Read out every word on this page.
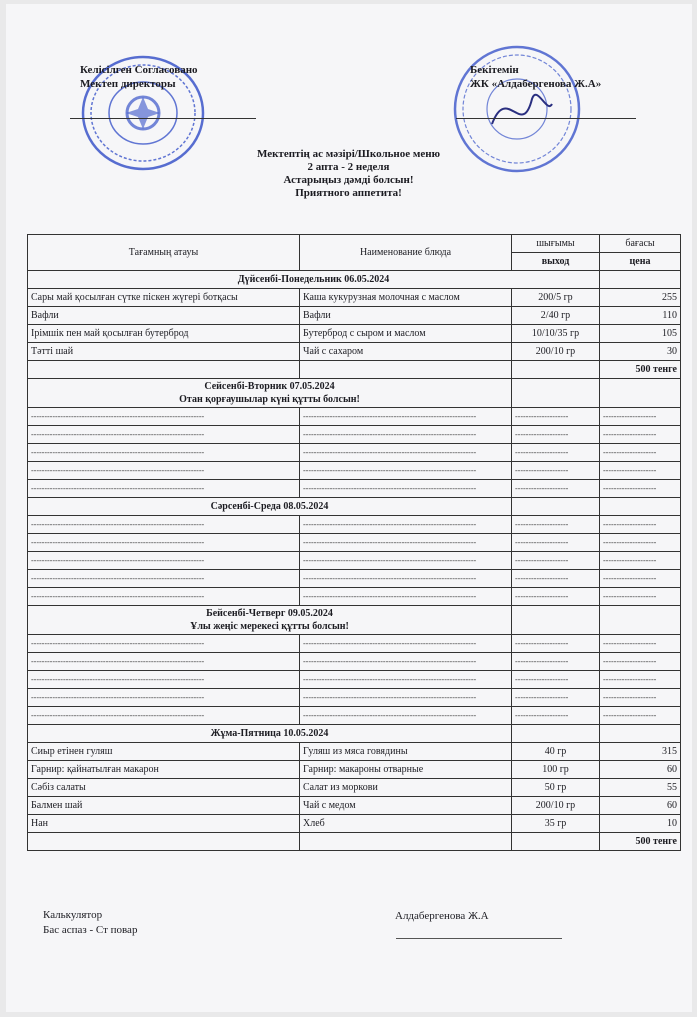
Келісілген Согласовано
Мектеп директоры
Бекітемін
ЖК «Алдабергенова Ж.А»
Мектептің ас мәзірі/Школьное меню
2 апта - 2 неделя
Астарыңыз дәмді болсын!
Приятного аппетита!
Тағамның атауы	Наименование блюда	шығымы	бағасы
		выход	цена
Дүйсенбі-Понедельник 06.05.2024			
Сары май қосылған сүтке піскен жүгері ботқасы	Каша кукурузная молочная с маслом	200/5 гр	255
Вафли	Вафли	2/40 гр	110
Ірімшік пен май қосылған бутерброд	Бутерброд с сыром и маслом	10/10/35 гр	105
Тәтті шай	Чай с сахаром	200/10 гр	30
			500 тенге

Сейсенбі-Вторник 07.05.2024
Отан қорғаушылар күні құтты болсын!			

-----------------------------------------------------------------	-----------------------------------------------------------------	--------------------	--------------------
-----------------------------------------------------------------	-----------------------------------------------------------------	--------------------	--------------------
-----------------------------------------------------------------	-----------------------------------------------------------------	--------------------	--------------------
-----------------------------------------------------------------	-----------------------------------------------------------------	--------------------	--------------------
-----------------------------------------------------------------	-----------------------------------------------------------------	--------------------	--------------------
Сәрсенбі-Среда 08.05.2024			
-----------------------------------------------------------------	-----------------------------------------------------------------	--------------------	--------------------
-----------------------------------------------------------------	-----------------------------------------------------------------	--------------------	--------------------
-----------------------------------------------------------------	-----------------------------------------------------------------	--------------------	--------------------
-----------------------------------------------------------------	-----------------------------------------------------------------	--------------------	--------------------
-----------------------------------------------------------------	-----------------------------------------------------------------	--------------------	--------------------

Бейсенбі-Четверг 09.05.2024
Ұлы жеңіс мерекесі құтты болсын!			

-----------------------------------------------------------------	-----------------------------------------------------------------	--------------------	--------------------
-----------------------------------------------------------------	-----------------------------------------------------------------	--------------------	--------------------
-----------------------------------------------------------------	-----------------------------------------------------------------	--------------------	--------------------
-----------------------------------------------------------------	-----------------------------------------------------------------	--------------------	--------------------
-----------------------------------------------------------------	-----------------------------------------------------------------	--------------------	--------------------
Жұма-Пятница 10.05.2024			
Сиыр етінен гуляш	Гуляш из мяса говядины	40 гр	315
Гарнир: қайнатылған макарон	Гарнир: макароны отварные	100 гр	60
Сәбіз салаты	Салат из моркови	50 гр	55
Балмен шай	Чай с медом	200/10 гр	60
Нан	Хлеб	35 гр	10
			500 тенге
Калькулятор
Бас аспаз - Ст повар
Алдабергенова Ж.А
